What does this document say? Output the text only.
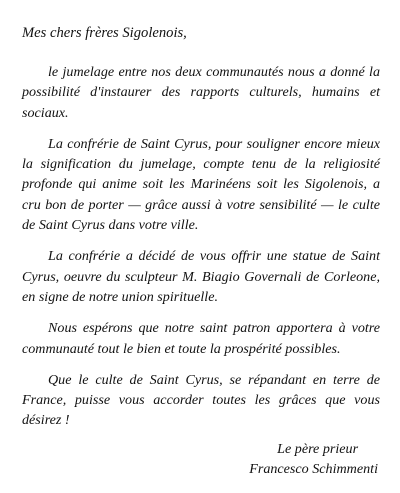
Mes chers frères Sigolenois,

le jumelage entre nos deux communautés nous a donné la possibilité d'instaurer des rapports culturels, humains et sociaux.

La confrérie de Saint Cyrus, pour souligner encore mieux la signification du jumelage, compte tenu de la religiosité profonde qui anime soit les Marinéens soit les Sigolenois, a cru bon de porter — grâce aussi à votre sensibilité — le culte de Saint Cyrus dans votre ville.

La confrérie a décidé de vous offrir une statue de Saint Cyrus, oeuvre du sculpteur M. Biagio Governali de Corleone, en signe de notre union spirituelle.

Nous espérons que notre saint patron apportera à votre communauté tout le bien et toute la prospérité possibles.

Que le culte de Saint Cyrus, se répandant en terre de France, puisse vous accorder toutes les grâces que vous désirez !

Le père prieur
Francesco Schimmenti
